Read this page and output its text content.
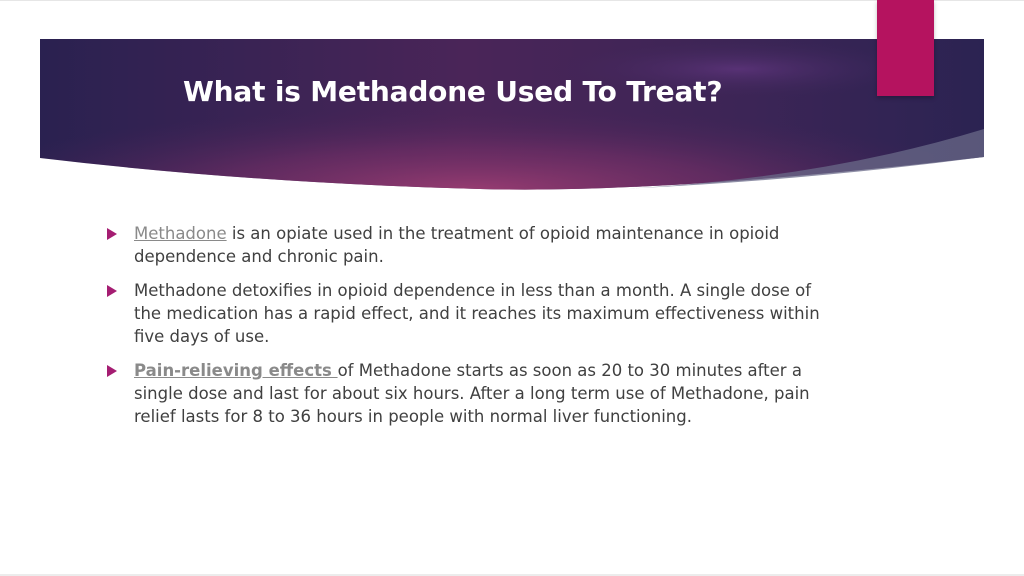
What is Methadone Used To Treat?
Methadone is an opiate used in the treatment of opioid maintenance in opioid dependence and chronic pain.
Methadone detoxifies in opioid dependence in less than a month. A single dose of the medication has a rapid effect, and it reaches its maximum effectiveness within five days of use.
Pain-relieving effects of Methadone starts as soon as 20 to 30 minutes after a single dose and last for about six hours. After a long term use of Methadone, pain relief lasts for 8 to 36 hours in people with normal liver functioning.
